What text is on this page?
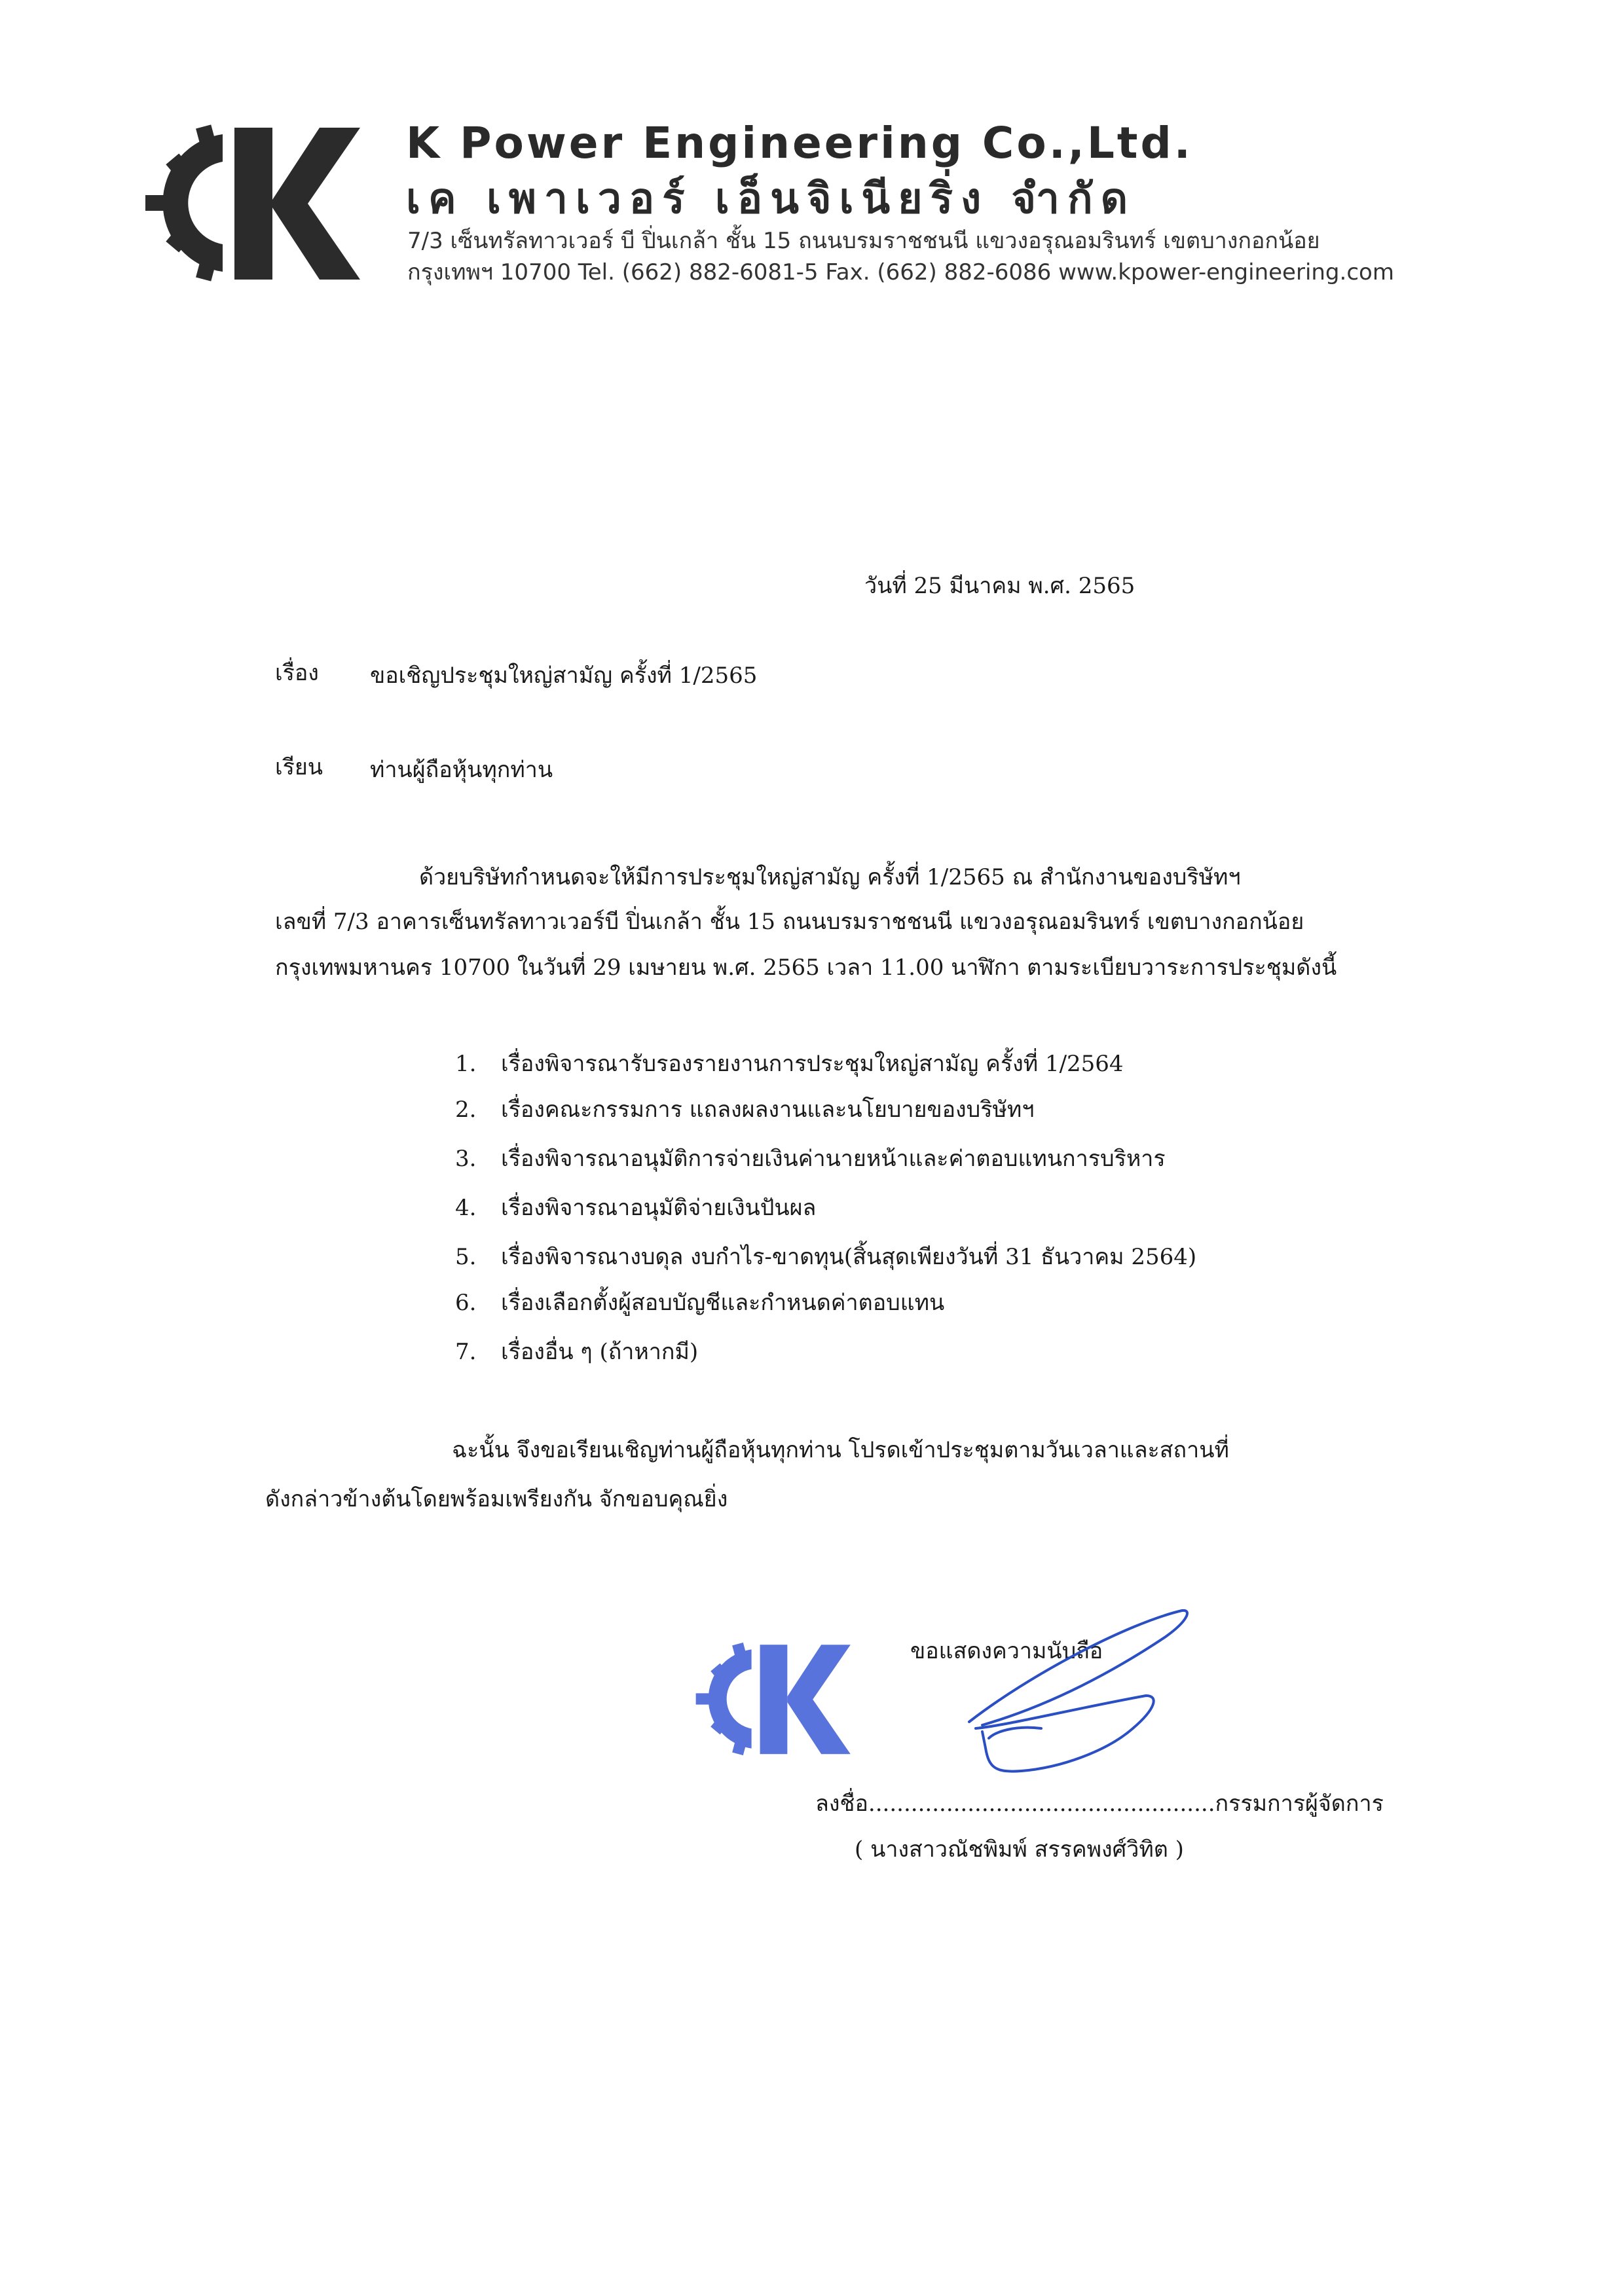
K Power Engineering Co.,Ltd.
เค เพาเวอร์ เอ็นจิเนียริ่ง จำกัด
7/3 เซ็นทรัลทาวเวอร์ บี ปิ่นเกล้า ชั้น 15 ถนนบรมราชชนนี แขวงอรุณอมรินทร์ เขตบางกอกน้อย
กรุงเทพฯ 10700 Tel. (662) 882-6081-5 Fax. (662) 882-6086 www.kpower-engineering.com
วันที่ 25 มีนาคม พ.ศ. 2565
เรื่อง ขอเชิญประชุมใหญ่สามัญ ครั้งที่ 1/2565
เรียน ท่านผู้ถือหุ้นทุกท่าน
ด้วยบริษัทกำหนดจะให้มีการประชุมใหญ่สามัญ ครั้งที่ 1/2565 ณ สำนักงานของบริษัทฯ
เลขที่ 7/3 อาคารเซ็นทรัลทาวเวอร์บี ปิ่นเกล้า ชั้น 15 ถนนบรมราชชนนี แขวงอรุณอมรินทร์ เขตบางกอกน้อย
กรุงเทพมหานคร 10700 ในวันที่ 29 เมษายน พ.ศ. 2565 เวลา 11.00 นาฬิกา ตามระเบียบวาระการประชุมดังนี้
1. เรื่องพิจารณารับรองรายงานการประชุมใหญ่สามัญ ครั้งที่ 1/2564
2. เรื่องคณะกรรมการ แถลงผลงานและนโยบายของบริษัทฯ
3. เรื่องพิจารณาอนุมัติการจ่ายเงินค่านายหน้าและค่าตอบแทนการบริหาร
4. เรื่องพิจารณาอนุมัติจ่ายเงินปันผล
5. เรื่องพิจารณางบดุล งบกำไร-ขาดทุน(สิ้นสุดเพียงวันที่ 31 ธันวาคม 2564)
6. เรื่องเลือกตั้งผู้สอบบัญชีและกำหนดค่าตอบแทน
7. เรื่องอื่น ๆ (ถ้าหากมี)
ฉะนั้น จึงขอเรียนเชิญท่านผู้ถือหุ้นทุกท่าน โปรดเข้าประชุมตามวันเวลาและสถานที่
ดังกล่าวข้างต้นโดยพร้อมเพรียงกัน จักขอบคุณยิ่ง
ขอแสดงความนับถือ
ลงชื่อ.................................................กรรมการผู้จัดการ
( นางสาวณัชพิมพ์ สรรคพงศ์วิทิต )
